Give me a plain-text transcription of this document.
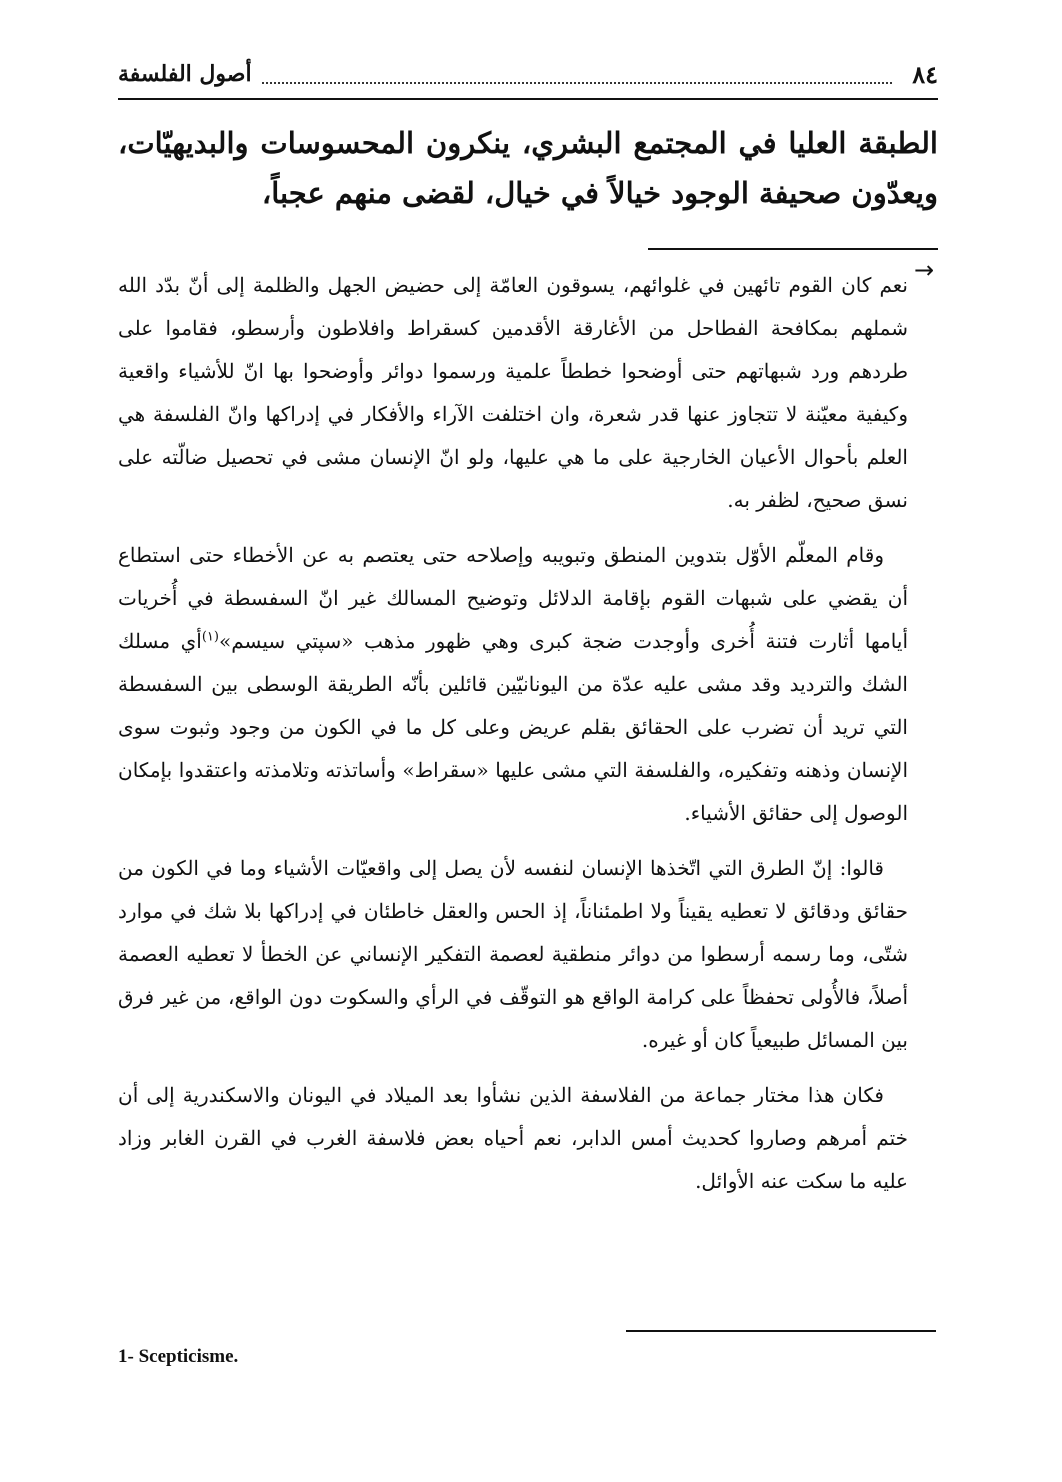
٨٤
أصول الفلسفة
الطبقة العليا في المجتمع البشري، ينكرون المحسوسات والبديهيّات، ويعدّون صحيفة الوجود خيالاً في خيال، لقضى منهم عجباً،
→

نعم كان القوم تائهين في غلوائهم، يسوقون العامّة إلى حضيض الجهل والظلمة إلى أنّ بدّد الله شملهم بمكافحة الفطاحل من الأغارقة الأقدمين كسقراط وافلاطون وأرسطو، فقاموا على طردهم ورد شبهاتهم حتى أوضحوا خططاً علمية ورسموا دوائر وأوضحوا بها انّ للأشياء واقعية وكيفية معيّنة لا تتجاوز عنها قدر شعرة، وان اختلفت الآراء والأفكار في إدراكها وانّ الفلسفة هي العلم بأحوال الأعيان الخارجية على ما هي عليها، ولو انّ الإنسان مشى في تحصيل ضالّته على نسق صحيح، لظفر به.

وقام المعلّم الأوّل بتدوين المنطق وتبويبه وإصلاحه حتى يعتصم به عن الأخطاء حتى استطاع أن يقضي على شبهات القوم بإقامة الدلائل وتوضيح المسالك غير انّ السفسطة في أُخريات أيامها أثارت فتنة أُخرى وأوجدت ضجة كبرى وهي ظهور مذهب «سپتي سيسم»$^{(١)}$أي مسلك الشك والترديد وقد مشى عليه عدّة من اليونانيّين قائلين بأنّه الطريقة الوسطى بين السفسطة التي تريد أن تضرب على الحقائق بقلم عريض وعلى كل ما في الكون من وجود وثبوت سوى الإنسان وذهنه وتفكيره، والفلسفة التي مشى عليها «سقراط» وأساتذته وتلامذته واعتقدوا بإمكان الوصول إلى حقائق الأشياء.

قالوا: إنّ الطرق التي اتّخذها الإنسان لنفسه لأن يصل إلى واقعيّات الأشياء وما في الكون من حقائق ودقائق لا تعطيه يقيناً ولا اطمئناناً، إذ الحس والعقل خاطئان في إدراكها بلا شك في موارد شتّى، وما رسمه أرسطوا من دوائر منطقية لعصمة التفكير الإنساني عن الخطأ لا تعطيه العصمة أصلاً، فالأُولى تحفظاً على كرامة الواقع هو التوقّف في الرأي والسكوت دون الواقع، من غير فرق بين المسائل طبيعياً كان أو غيره.

فكان هذا مختار جماعة من الفلاسفة الذين نشأوا بعد الميلاد في اليونان والاسكندرية إلى أن ختم أمرهم وصاروا كحديث أمس الدابر، نعم أحياه بعض فلاسفة الغرب في القرن الغابر وزاد عليه ما سكت عنه الأوائل.

1- Scepticisme.
